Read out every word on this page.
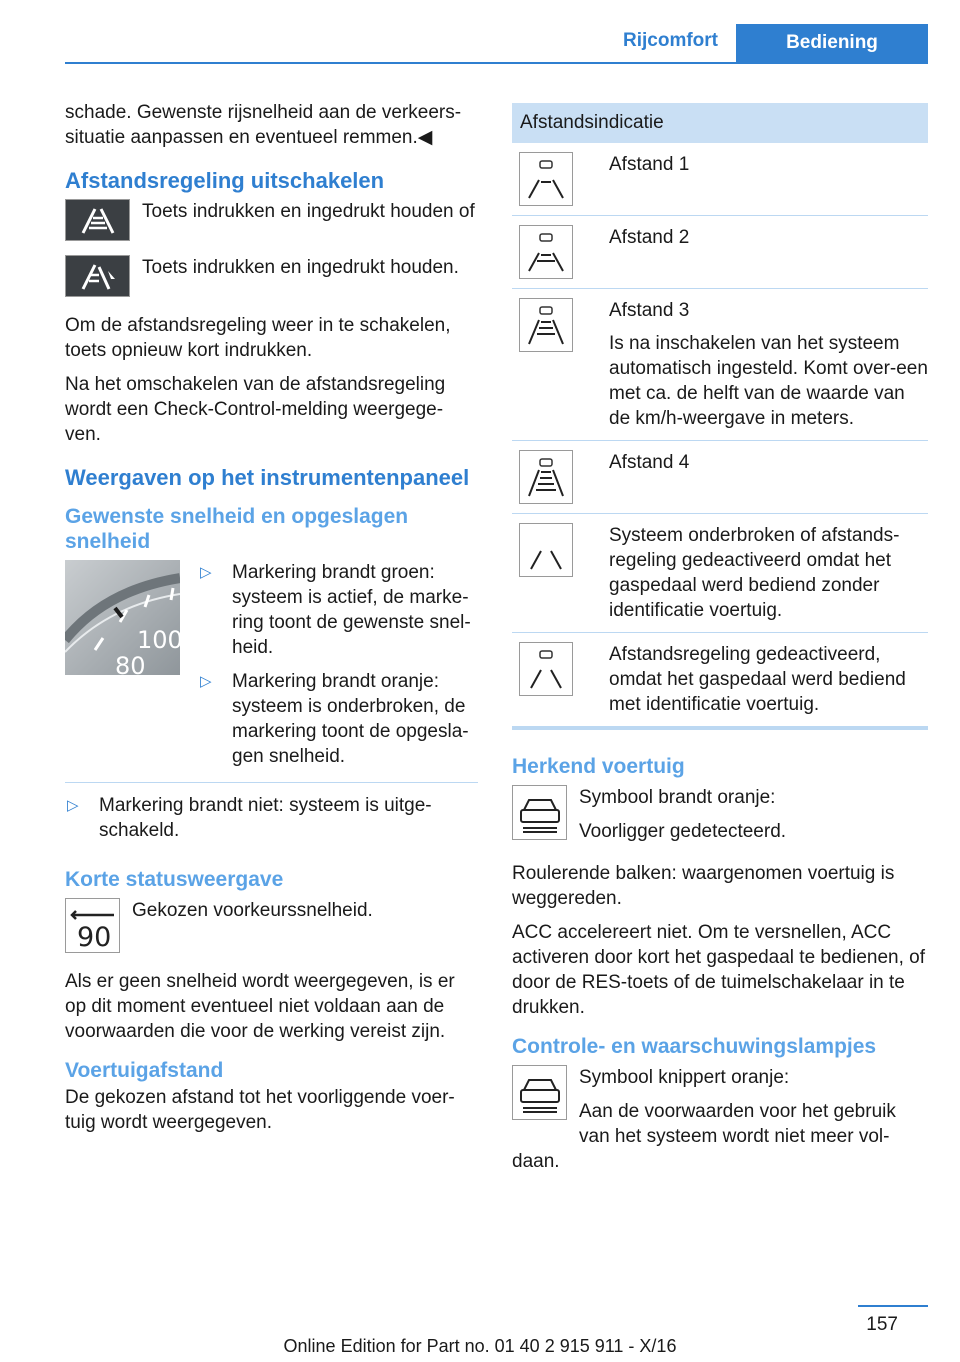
Rijcomfort	Bediening

schade. Gewenste rijsnelheid aan de verkeers‐situatie aanpassen en eventueel remmen.◀

Afstandsregeling uitschakelen

Toets indrukken en ingedrukt houden of

Toets indrukken en ingedrukt houden.

Om de afstandsregeling weer in te schakelen, toets opnieuw kort indrukken.

Na het omschakelen van de afstandsregeling wordt een Check-Control-melding weergege‐ven.

Weergaven op het instrumentenpaneel
Gewenste snelheid en opgeslagen snelheid
100
80
▷ Markering brandt groen: systeem is actief, de marke‐ring toont de gewenste snel‐heid.
▷ Markering brandt oranje: systeem is onderbroken, de markering toont de opgesla‐gen snelheid.
▷ Markering brandt niet: systeem is uitge‐schakeld.
Korte statusweergave
90

Gekozen voorkeurssnelheid.

Als er geen snelheid wordt weergegeven, is er op dit moment eventueel niet voldaan aan de voorwaarden die voor de werking vereist zijn.

Voertuigafstand

De gekozen afstand tot het voorliggende voer‐tuig wordt weergegeven.

Afstandsindicatie	

	Afstand 1

	Afstand 2

Afstand 3
Is na inschakelen van het systeem automatisch ingesteld. Komt over‐een met ca. de helft van de waarde van de km/h-weergave in meters.

	Afstand 4

	Systeem onderbroken of afstands‐regeling gedeactiveerd omdat het gaspedaal werd bediend zonder identificatie voertuig.

	Afstandsregeling gedeactiveerd, omdat het gaspedaal werd bediend met identificatie voertuig.
Herkend voertuig

Symbool brandt oranje:

Voorligger gedetecteerd.

Roulerende balken: waargenomen voertuig is weggereden.

ACC accelereert niet. Om te versnellen, ACC activeren door kort het gaspedaal te bedienen, of door de RES-toets of de tuimelschakelaar in te drukken.

Controle- en waarschuwingslampjes

Symbool knippert oranje:

Aan de voorwaarden voor het gebruik van het systeem wordt niet meer vol‐daan.

157
Online Edition for Part no. 01 40 2 915 911 - X/16
